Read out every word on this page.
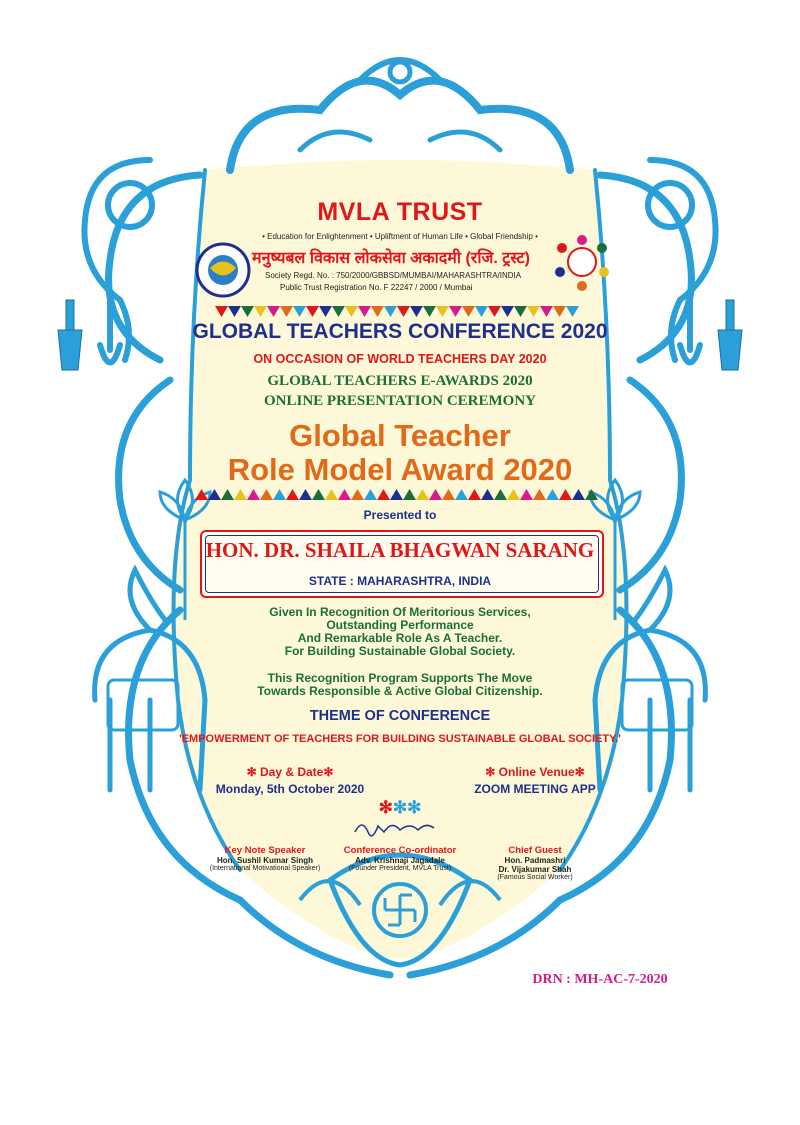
MVLA TRUST
• Education for Enlightenment • Upliftment of Human Life • Global Friendship •
मनुष्यबल विकास लोकसेवा अकादमी (रजि. ट्रस्ट)
Society Regd. No. : 750/2000/GBBSD/MUMBAI/MAHARASHTRA/INDIA
Public Trust Registration No. F 22247 / 2000 / Mumbai
GLOBAL TEACHERS CONFERENCE 2020
ON OCCASION OF WORLD TEACHERS DAY 2020
GLOBAL TEACHERS E-AWARDS 2020
ONLINE PRESENTATION CEREMONY
Global Teacher
Role Model Award 2020
Presented to
HON. DR. SHAILA BHAGWAN SARANG
STATE : MAHARASHTRA, INDIA
Given In Recognition Of Meritorious Services,
Outstanding Performance
And Remarkable Role As A Teacher.
For Building Sustainable Global Society.
This Recognition Program Supports The Move
Towards Responsible & Active Global Citizenship.
THEME OF CONFERENCE
'EMPOWERMENT OF TEACHERS FOR BUILDING SUSTAINABLE GLOBAL SOCIETY.'
✻ Day & Date✻
Monday, 5th October 2020
✻ Online Venue✻
ZOOM MEETING APP
✻✻✻
Key Note Speaker
Hon. Sushil Kumar Singh
(International Motivational Speaker)
Conference Co-ordinator
Adv. Krishnaji Jagadale
(Founder President, MVLA Trust)
Chief Guest
Hon. Padmashri
Dr. Vijakumar Shah
(Famous Social Worker)
DRN : MH-AC-7-2020
